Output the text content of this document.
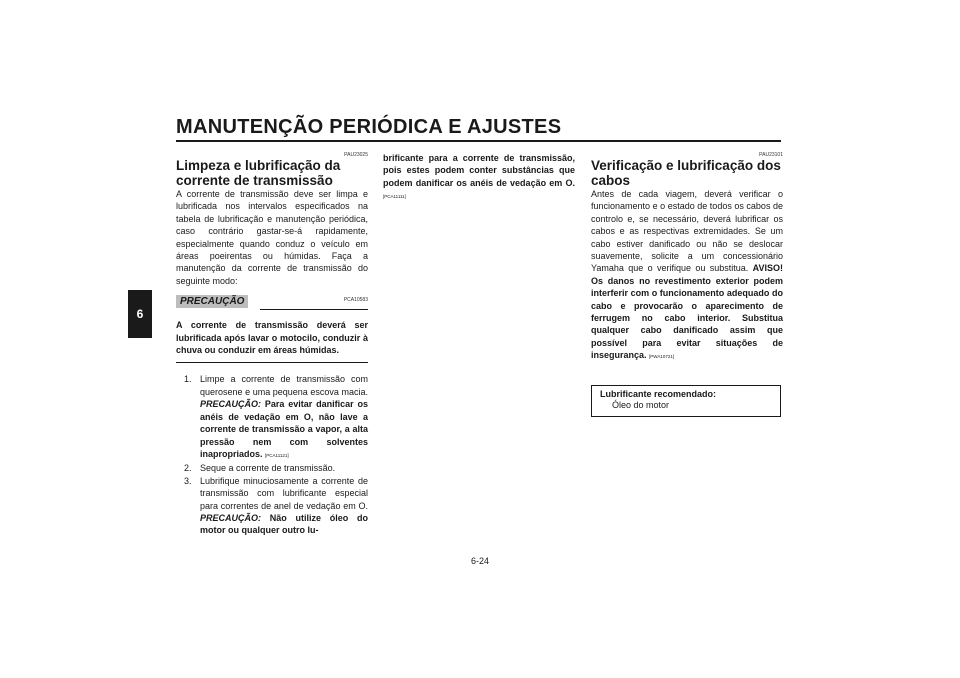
MANUTENÇÃO PERIÓDICA E AJUSTES
6
PAU23025
Limpeza e lubrificação da corrente de transmissão
A corrente de transmissão deve ser limpa e lubrificada nos intervalos especificados na tabela de lubrificação e manutenção periódica, caso contrário gastar-se-á rapidamente, especialmente quando conduz o veículo em áreas poeirentas ou húmidas. Faça a manutenção da corrente de transmissão do seguinte modo:
PRECAUÇÃO	PCA10583
A corrente de transmissão deverá ser lubrificada após lavar o motocilo, conduzir à chuva ou conduzir em áreas húmidas.
1. Limpe a corrente de transmissão com querosene e uma pequena escova macia. PRECAUÇÃO: Para evitar danificar os anéis de vedação em O, não lave a corrente de transmissão a vapor, a alta pressão nem com solventes inapropriados. [PCA11121]
2. Seque a corrente de transmissão.
3. Lubrifique minuciosamente a corrente de transmissão com lubrificante especial para correntes de anel de vedação em O. PRECAUÇÃO: Não utilize óleo do motor ou qualquer outro lu-
brificante para a corrente de transmissão, pois estes podem conter substâncias que podem danificar os anéis de vedação em O. [PCA11111]
PAU23101
Verificação e lubrificação dos cabos
Antes de cada viagem, deverá verificar o funcionamento e o estado de todos os cabos de controlo e, se necessário, deverá lubrificar os cabos e as respectivas extremidades. Se um cabo estiver danificado ou não se deslocar suavemente, solicite a um concessionário Yamaha que o verifique ou substitua. AVISO! Os danos no revestimento exterior podem interferir com o funcionamento adequado do cabo e provocarão o aparecimento de ferrugem no cabo interior. Substitua qualquer cabo danificado assim que possível para evitar situações de insegurança. [PWA10721]
Lubrificante recomendado:
Óleo do motor
6-24
